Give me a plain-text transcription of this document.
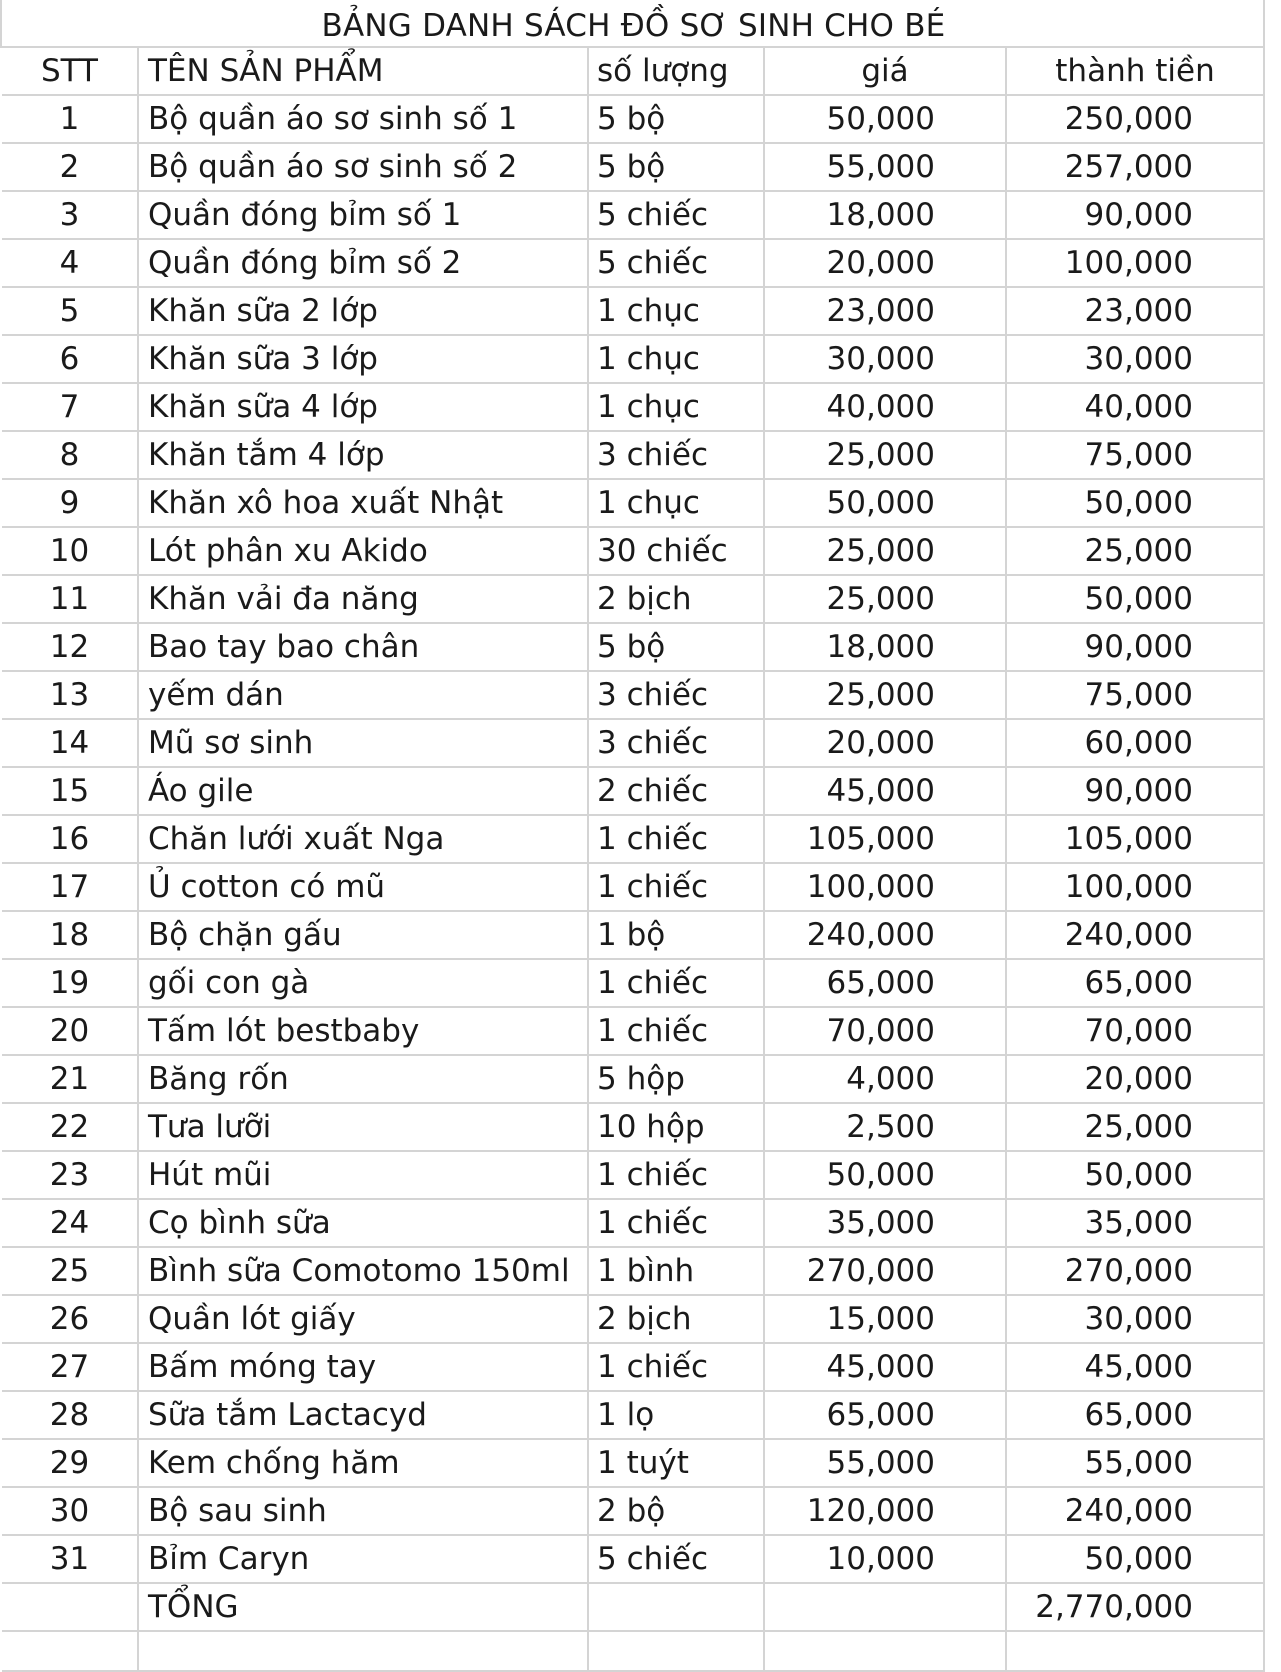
BẢNG DANH SÁCH ĐỒ SƠ SINH CHO BÉ
STT	TÊN SẢN PHẨM	số lượng	giá	thành tiền
1	Bộ quần áo sơ sinh số 1	5 bộ	50,000	250,000
2	Bộ quần áo sơ sinh số 2	5 bộ	55,000	257,000
3	Quần đóng bỉm số 1	5 chiếc	18,000	90,000
4	Quần đóng bỉm số 2	5 chiếc	20,000	100,000
5	Khăn sữa 2 lớp	1 chục	23,000	23,000
6	Khăn sữa 3 lớp	1 chục	30,000	30,000
7	Khăn sữa 4 lớp	1 chục	40,000	40,000
8	Khăn tắm 4 lớp	3 chiếc	25,000	75,000
9	Khăn xô hoa xuất Nhật	1 chục	50,000	50,000
10	Lót phân xu Akido	30 chiếc	25,000	25,000
11	Khăn vải đa năng	2 bịch	25,000	50,000
12	Bao tay bao chân	5 bộ	18,000	90,000
13	yếm dán	3 chiếc	25,000	75,000
14	Mũ sơ sinh	3 chiếc	20,000	60,000
15	Áo gile	2 chiếc	45,000	90,000
16	Chăn lưới xuất Nga	1 chiếc	105,000	105,000
17	Ủ cotton có mũ	1 chiếc	100,000	100,000
18	Bộ chặn gấu	1 bộ	240,000	240,000
19	gối con gà	1 chiếc	65,000	65,000
20	Tấm lót bestbaby	1 chiếc	70,000	70,000
21	Băng rốn	5 hộp	4,000	20,000
22	Tưa lưỡi	10 hộp	2,500	25,000
23	Hút mũi	1 chiếc	50,000	50,000
24	Cọ bình sữa	1 chiếc	35,000	35,000
25	Bình sữa Comotomo 150ml	1 bình	270,000	270,000
26	Quần lót giấy	2 bịch	15,000	30,000
27	Bấm móng tay	1 chiếc	45,000	45,000
28	Sữa tắm Lactacyd	1 lọ	65,000	65,000
29	Kem chống hăm	1 tuýt	55,000	55,000
30	Bộ sau sinh	2 bộ	120,000	240,000
31	Bỉm Caryn	5 chiếc	10,000	50,000
	TỔNG			2,770,000
